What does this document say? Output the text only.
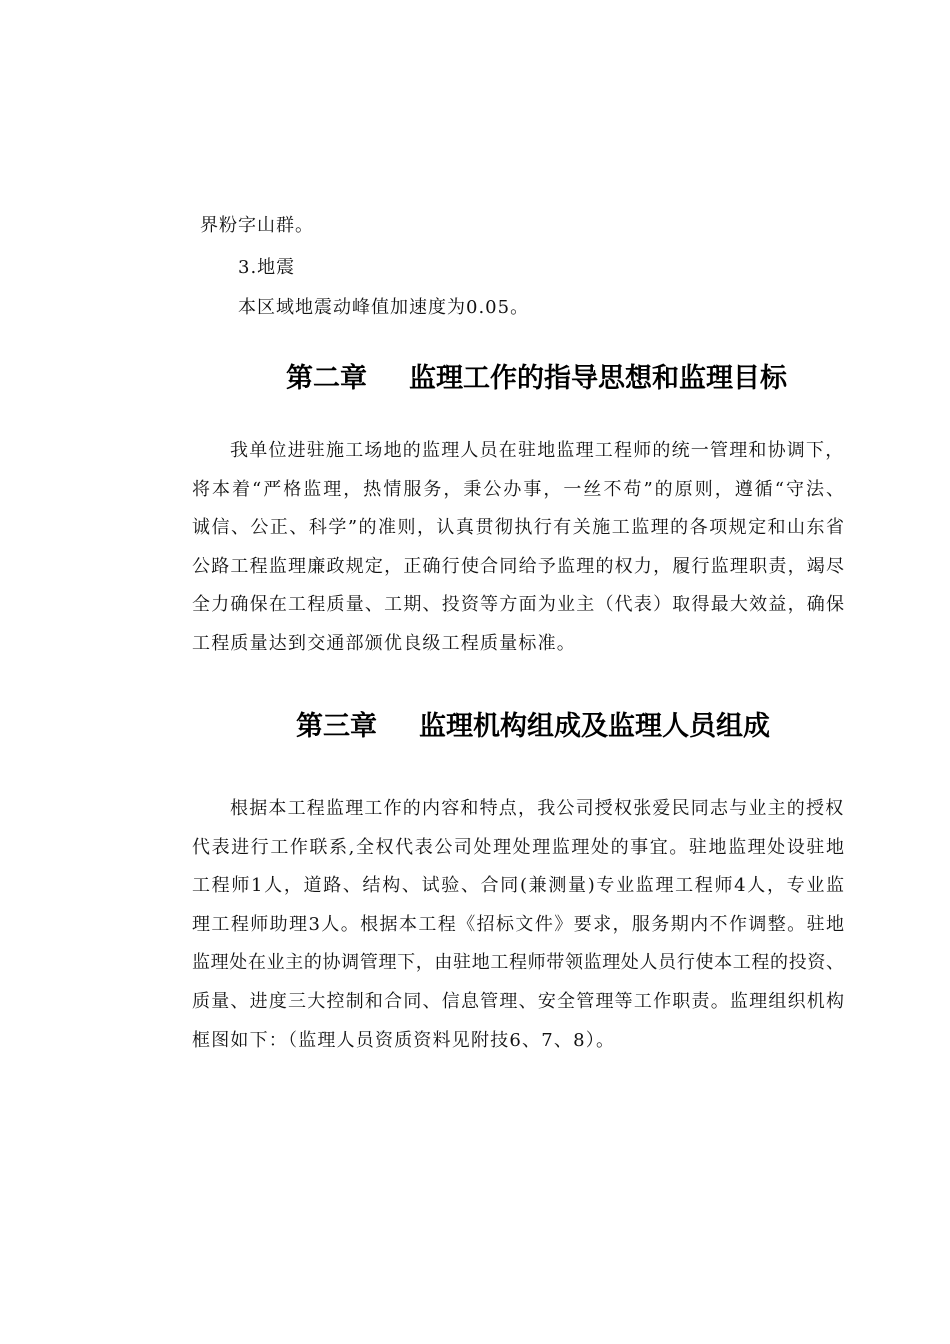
界粉字山群。

3.地震

本区域地震动峰值加速度为0.05。

第二章 监理工作的指导思想和监理目标
我单位进驻施工场地的监理人员在驻地监理工程师的统一管理和协调下，
将本着“严格监理，热情服务，秉公办事，一丝不苟”的原则，遵循“守法、
诚信、公正、科学”的准则，认真贯彻执行有关施工监理的各项规定和山东省
公路工程监理廉政规定，正确行使合同给予监理的权力，履行监理职责，竭尽
全力确保在工程质量、工期、投资等方面为业主（代表）取得最大效益，确保
工程质量达到交通部颁优良级工程质量标准。
第三章 监理机构组成及监理人员组成
根据本工程监理工作的内容和特点，我公司授权张爱民同志与业主的授权
代表进行工作联系,全权代表公司处理处理监理处的事宜。驻地监理处设驻地
工程师1人，道路、结构、试验、合同(兼测量)专业监理工程师4人，专业监
理工程师助理3人。根据本工程《招标文件》要求，服务期内不作调整。驻地
监理处在业主的协调管理下，由驻地工程师带领监理处人员行使本工程的投资、
质量、进度三大控制和合同、信息管理、安全管理等工作职责。监理组织机构
框图如下：（监理人员资质资料见附技6、7、8）。
